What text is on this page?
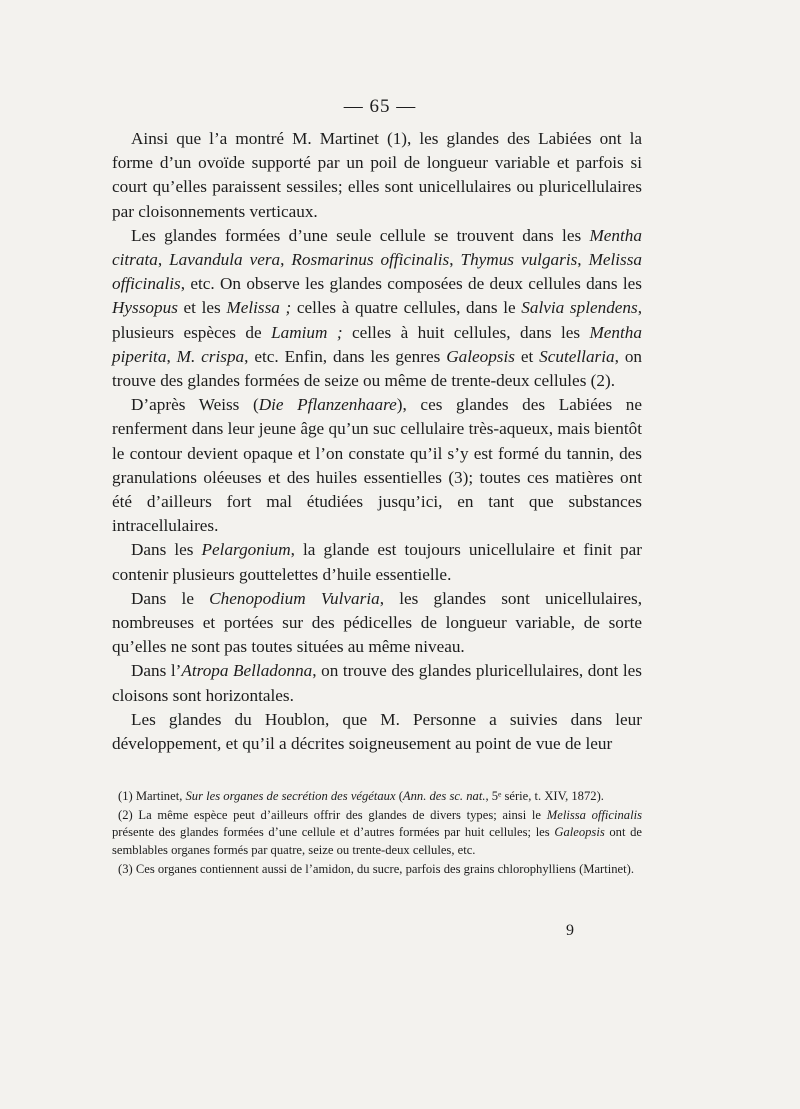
— 65 —

Ainsi que l’a montré M. Martinet (1), les glandes des Labiées ont la forme d’un ovoïde supporté par un poil de longueur variable et parfois si court qu’elles paraissent sessiles; elles sont unicellulaires ou pluricellulaires par cloisonnements verticaux.

Les glandes formées d’une seule cellule se trouvent dans les Mentha citrata, Lavandula vera, Rosmarinus officinalis, Thymus vulgaris, Melissa officinalis, etc. On observe les glandes composées de deux cellules dans les Hyssopus et les Melissa ; celles à quatre cellules, dans le Salvia splendens, plusieurs espèces de Lamium ; celles à huit cellules, dans les Mentha piperita, M. crispa, etc. Enfin, dans les genres Galeopsis et Scutellaria, on trouve des glandes formées de seize ou même de trente-deux cellules (2).

D’après Weiss (Die Pflanzenhaare), ces glandes des Labiées ne renferment dans leur jeune âge qu’un suc cellulaire très-aqueux, mais bientôt le contour devient opaque et l’on constate qu’il s’y est formé du tannin, des granulations oléeuses et des huiles essentielles (3); toutes ces matières ont été d’ailleurs fort mal étudiées jusqu’ici, en tant que substances intracellulaires.

Dans les Pelargonium, la glande est toujours unicellulaire et finit par contenir plusieurs gouttelettes d’huile essentielle.

Dans le Chenopodium Vulvaria, les glandes sont unicellulaires, nombreuses et portées sur des pédicelles de longueur variable, de sorte qu’elles ne sont pas toutes situées au même niveau.

Dans l’Atropa Belladonna, on trouve des glandes pluricellulaires, dont les cloisons sont horizontales.

Les glandes du Houblon, que M. Personne a suivies dans leur développement, et qu’il a décrites soigneusement au point de vue de leur

(1) Martinet, Sur les organes de secrétion des végétaux (Ann. des sc. nat., 5ᵉ série, t. XIV, 1872).

(2) La même espèce peut d’ailleurs offrir des glandes de divers types; ainsi le Melissa officinalis présente des glandes formées d’une cellule et d’autres formées par huit cellules; les Galeopsis ont de semblables organes formés par quatre, seize ou trente-deux cellules, etc.

(3) Ces organes contiennent aussi de l’amidon, du sucre, parfois des grains chlorophylliens (Martinet).

9
